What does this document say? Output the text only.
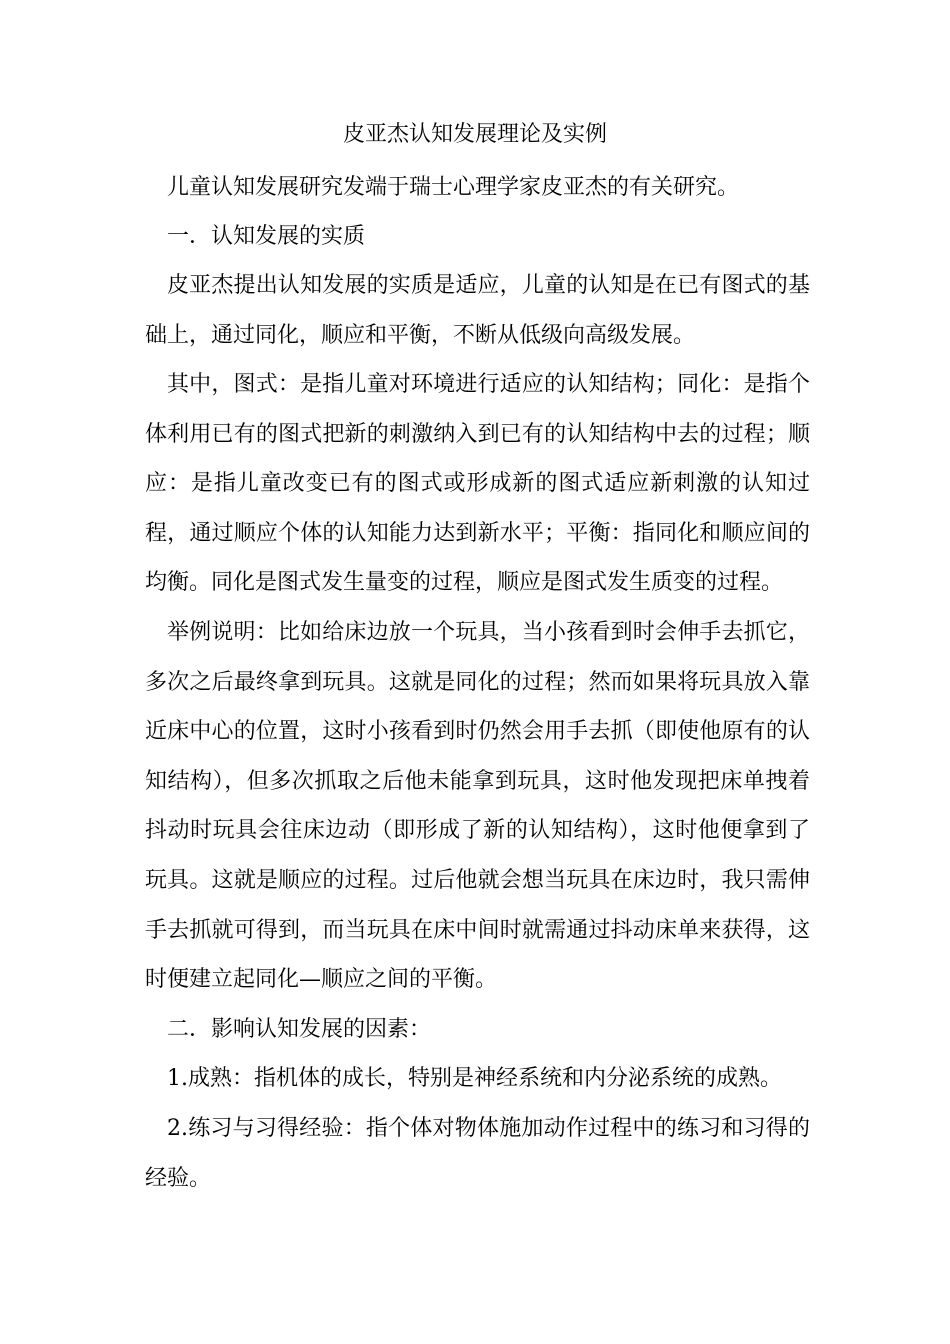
皮亚杰认知发展理论及实例

儿童认知发展研究发端于瑞士心理学家皮亚杰的有关研究。

一．认知发展的实质

皮亚杰提出认知发展的实质是适应，儿童的认知是在已有图式的基础上，通过同化，顺应和平衡，不断从低级向高级发展。

其中，图式：是指儿童对环境进行适应的认知结构；同化：是指个体利用已有的图式把新的刺激纳入到已有的认知结构中去的过程；顺应：是指儿童改变已有的图式或形成新的图式适应新刺激的认知过程，通过顺应个体的认知能力达到新水平；平衡：指同化和顺应间的均衡。同化是图式发生量变的过程，顺应是图式发生质变的过程。

举例说明：比如给床边放一个玩具，当小孩看到时会伸手去抓它，多次之后最终拿到玩具。这就是同化的过程；然而如果将玩具放入靠近床中心的位置，这时小孩看到时仍然会用手去抓（即使他原有的认知结构），但多次抓取之后他未能拿到玩具，这时他发现把床单拽着抖动时玩具会往床边动（即形成了新的认知结构），这时他便拿到了玩具。这就是顺应的过程。过后他就会想当玩具在床边时，我只需伸手去抓就可得到，而当玩具在床中间时就需通过抖动床单来获得，这时便建立起同化—顺应之间的平衡。

二．影响认知发展的因素：

1.成熟：指机体的成长，特别是神经系统和内分泌系统的成熟。

2.练习与习得经验：指个体对物体施加动作过程中的练习和习得的经验。
